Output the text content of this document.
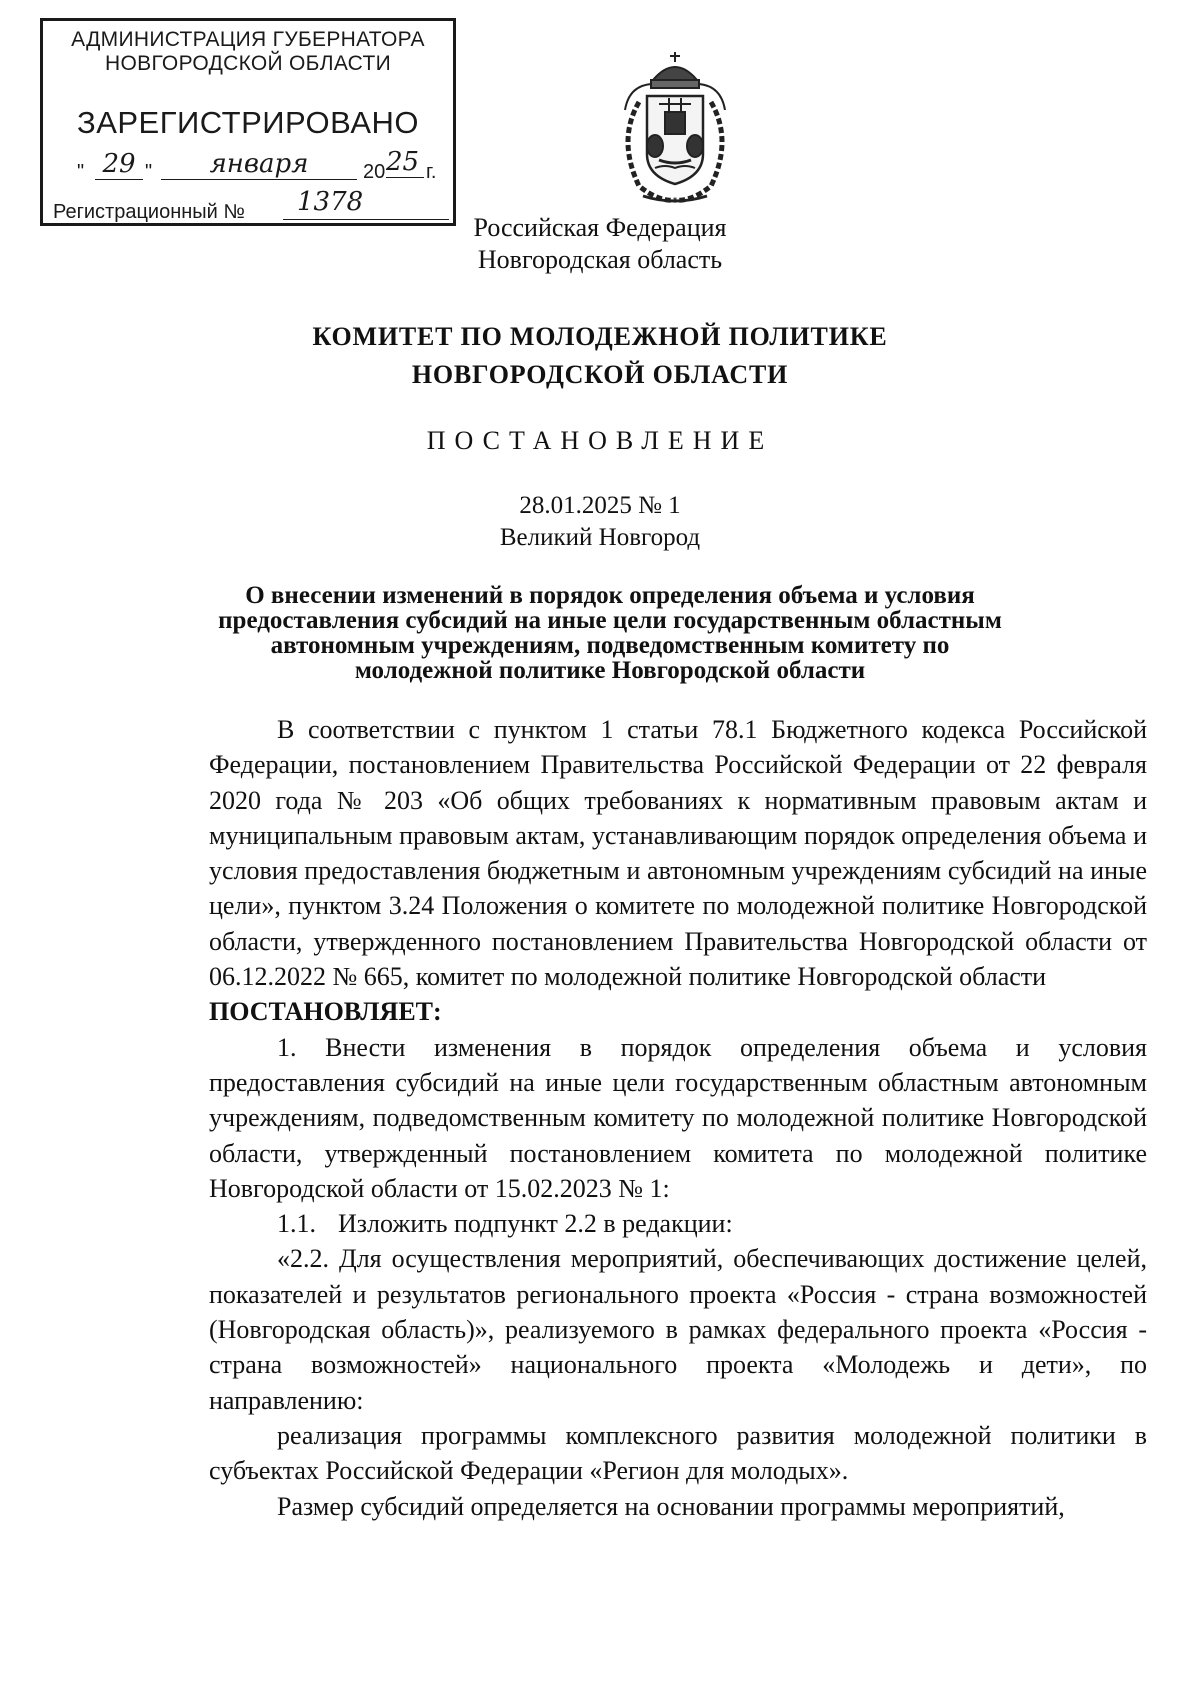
АДМИНИСТРАЦИЯ ГУБЕРНАТОРА
НОВГОРОДСКОЙ ОБЛАСТИ
ЗАРЕГИСТРИРОВАНО
" 29 "	января	20 25 г.
Регистрационный №	1378
Российская Федерация
Новгородская область
КОМИТЕТ ПО МОЛОДЕЖНОЙ ПОЛИТИКЕ
НОВГОРОДСКОЙ ОБЛАСТИ
ПОСТАНОВЛЕНИЕ
28.01.2025 № 1
Великий Новгород
О внесении изменений в порядок определения объема и условия предоставления субсидий на иные цели государственным областным автономным учреждениям, подведомственным комитету по молодежной политике Новгородской области

В соответствии с пунктом 1 статьи 78.1 Бюджетного кодекса Российской Федерации, постановлением Правительства Российской Федерации от 22 февраля 2020 года № 203 «Об общих требованиях к нормативным правовым актам и муниципальным правовым актам, устанавливающим порядок определения объема и условия предоставления бюджетным и автономным учреждениям субсидий на иные цели», пунктом 3.24 Положения о комитете по молодежной политике Новгородской области, утвержденного постановлением Правительства Новгородской области от 06.12.2022 № 665, комитет по молодежной политике Новгородской области

ПОСТАНОВЛЯЕТ:

1. Внести изменения в порядок определения объема и условия предоставления субсидий на иные цели государственным областным автономным учреждениям, подведомственным комитету по молодежной политике Новгородской области, утвержденный постановлением комитета по молодежной политике Новгородской области от 15.02.2023 № 1:

1.1. Изложить подпункт 2.2 в редакции:

«2.2. Для осуществления мероприятий, обеспечивающих достижение целей, показателей и результатов регионального проекта «Россия - страна возможностей (Новгородская область)», реализуемого в рамках федерального проекта «Россия - страна возможностей» национального проекта «Молодежь и дети», по направлению:

реализация программы комплексного развития молодежной политики в субъектах Российской Федерации «Регион для молодых».

Размер субсидий определяется на основании программы мероприятий,
